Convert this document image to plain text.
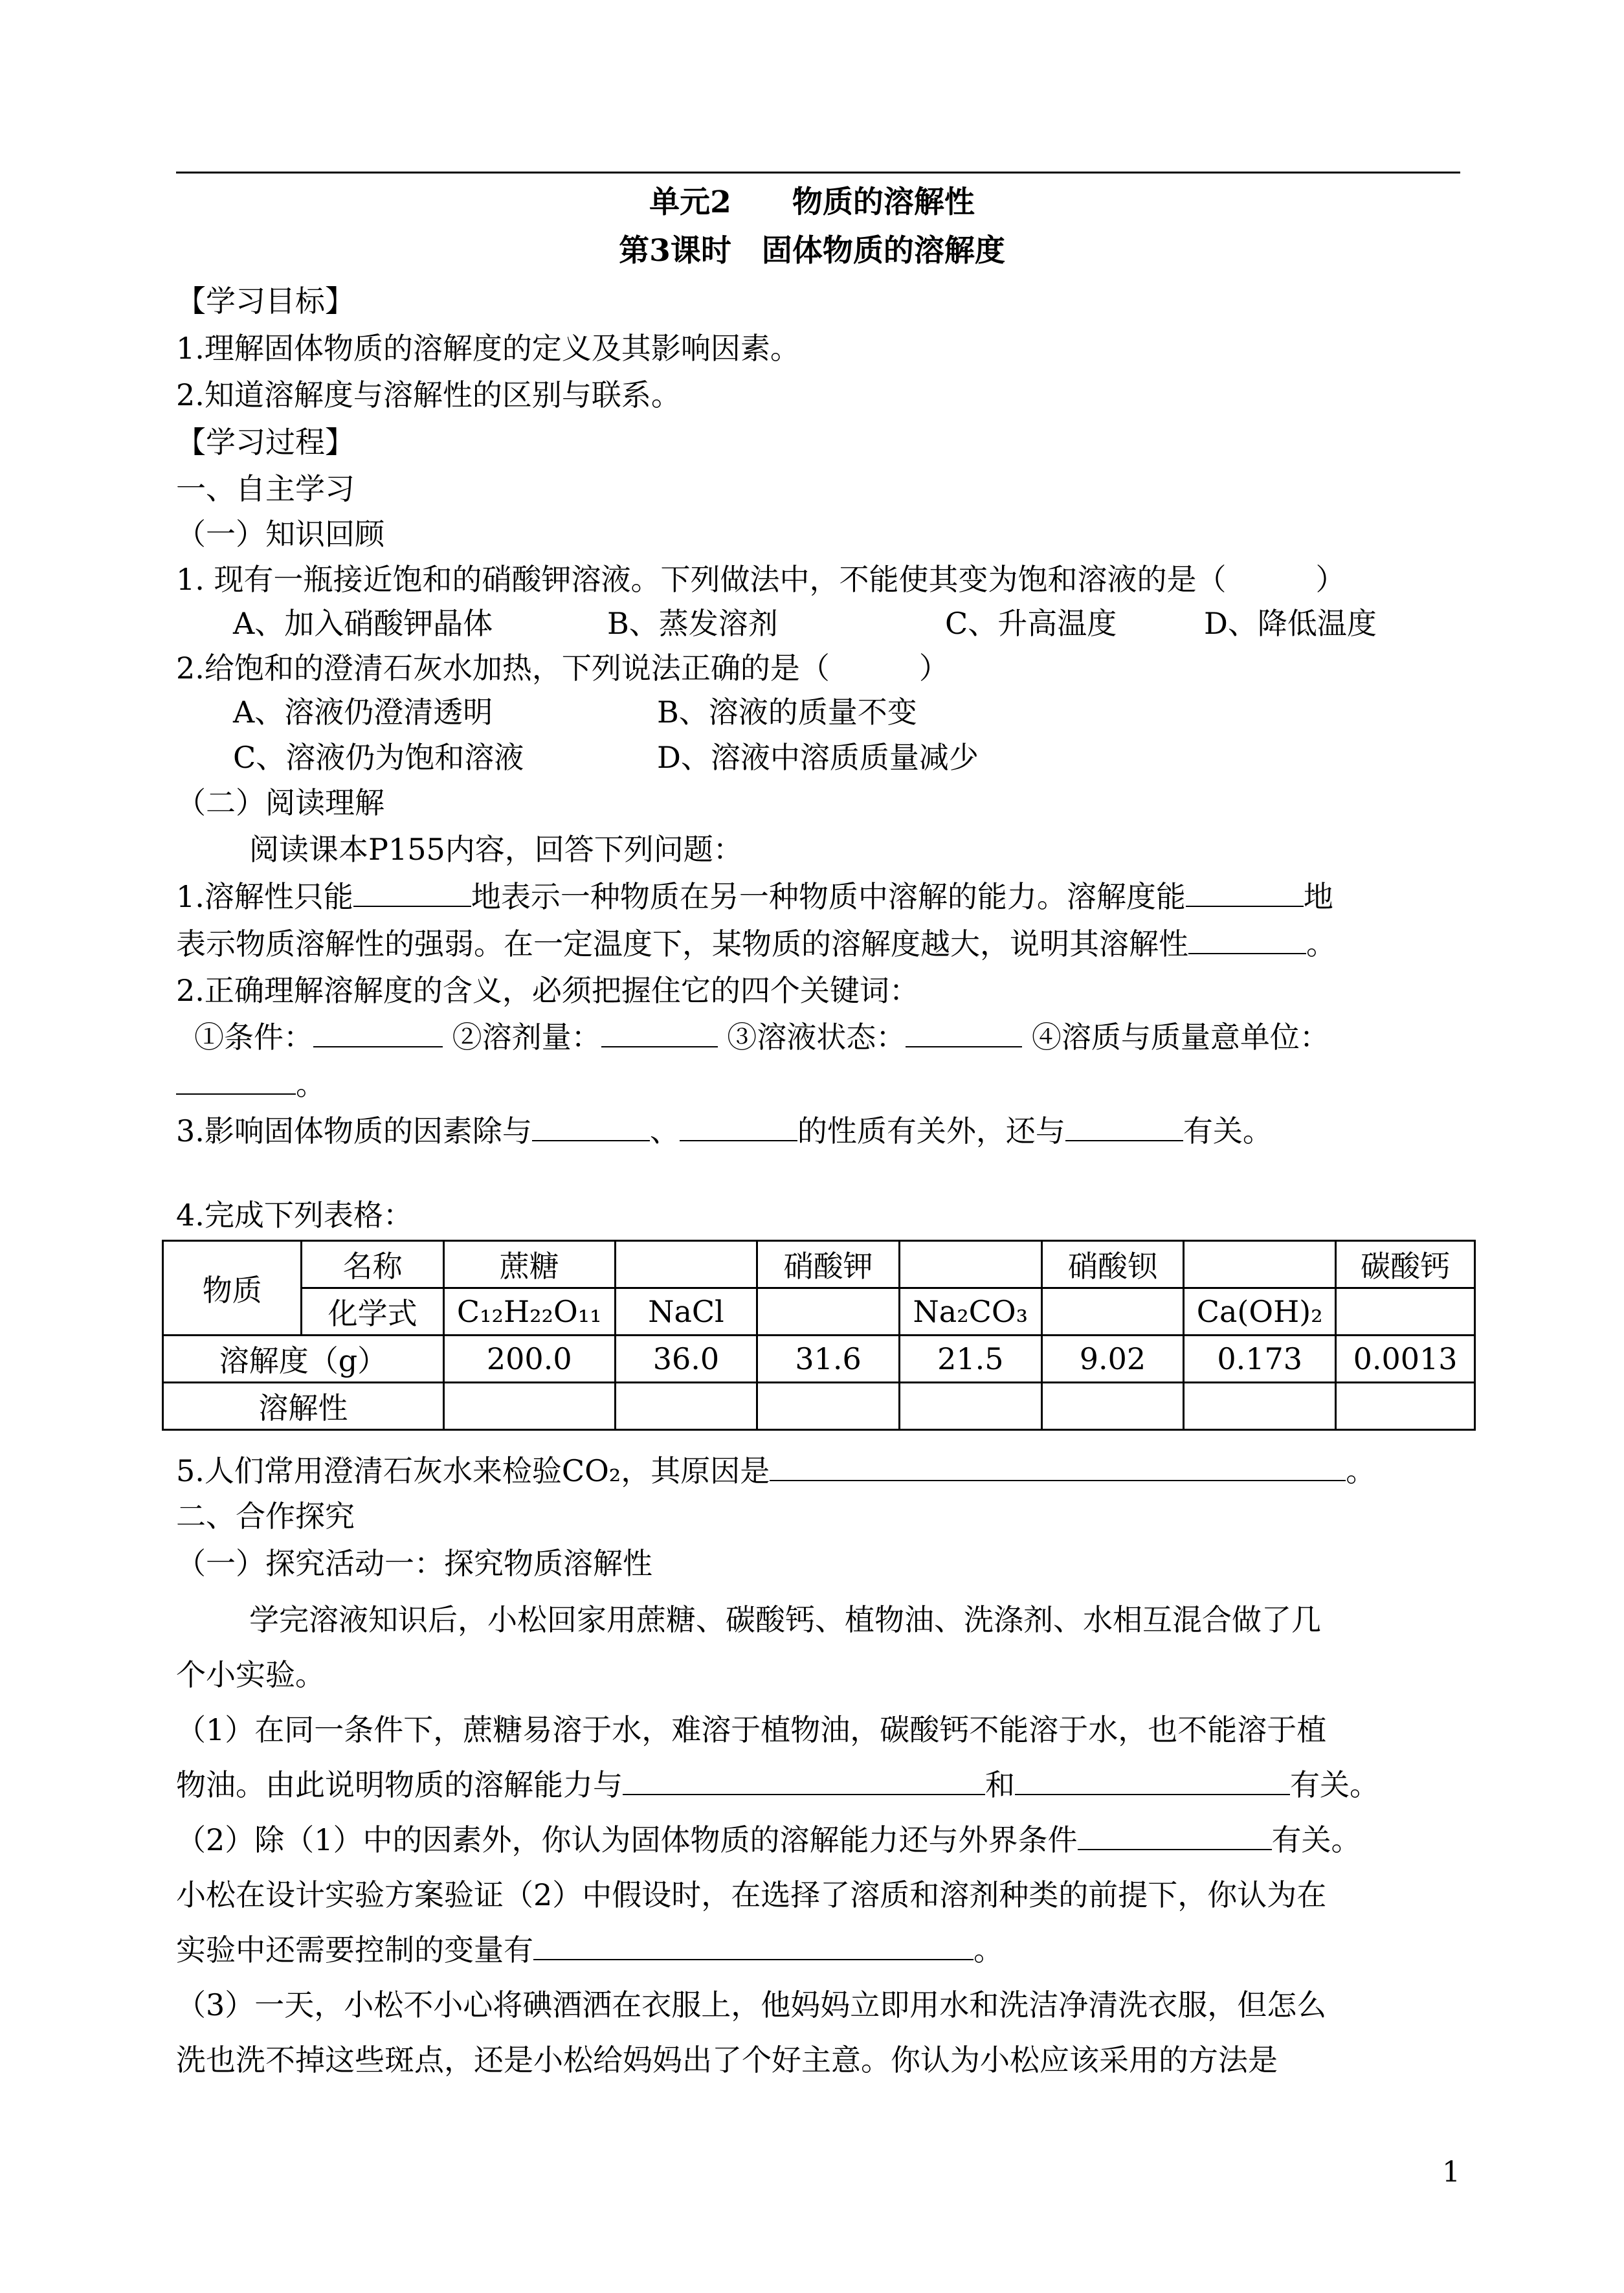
单元2　　物质的溶解性
第3课时　固体物质的溶解度
【学习目标】
1.理解固体物质的溶解度的定义及其影响因素。
2.知道溶解度与溶解性的区别与联系。
【学习过程】
一、自主学习
（一）知识回顾
1. 现有一瓶接近饱和的硝酸钾溶液。下列做法中，不能使其变为饱和溶液的是（　　　）
A、加入硝酸钾晶体	B、蒸发溶剂	C、升高温度	D、降低温度
2.给饱和的澄清石灰水加热，下列说法正确的是（　　　）
A、溶液仍澄清透明	B、溶液的质量不变
C、溶液仍为饱和溶液	D、溶液中溶质质量减少
（二）阅读理解
阅读课本P155内容，回答下列问题：
1.溶解性只能	地表示一种物质在另一种物质中溶解的能力。溶解度能	地
表示物质溶解性的强弱。在一定温度下，某物质的溶解度越大，说明其溶解性	。
2.正确理解溶解度的含义，必须把握住它的四个关键词：
①条件：	②溶剂量：	③溶液状态：	④溶质与质量意单位：
。
3.影响固体物质的因素除与	、	的性质有关外，还与	有关。
4.完成下列表格：
物质	名称	蔗糖		硝酸钾		硝酸钡		碳酸钙
	化学式	C₁₂H₂₂O₁₁	NaCl		Na₂CO₃		Ca(OH)₂	
溶解度（g）		200.0	36.0	31.6	21.5	9.02	0.173	0.0013
溶解性								
5.人们常用澄清石灰水来检验CO₂，其原因是	。
二、合作探究
（一）探究活动一：探究物质溶解性
学完溶液知识后，小松回家用蔗糖、碳酸钙、植物油、洗涤剂、水相互混合做了几
个小实验。
（1）在同一条件下，蔗糖易溶于水，难溶于植物油，碳酸钙不能溶于水，也不能溶于植
物油。由此说明物质的溶解能力与	和	有关。
（2）除（1）中的因素外，你认为固体物质的溶解能力还与外界条件	有关。
小松在设计实验方案验证（2）中假设时，在选择了溶质和溶剂种类的前提下，你认为在
实验中还需要控制的变量有	。
（3）一天，小松不小心将碘酒洒在衣服上，他妈妈立即用水和洗洁净清洗衣服，但怎么
洗也洗不掉这些斑点，还是小松给妈妈出了个好主意。你认为小松应该采用的方法是
1
